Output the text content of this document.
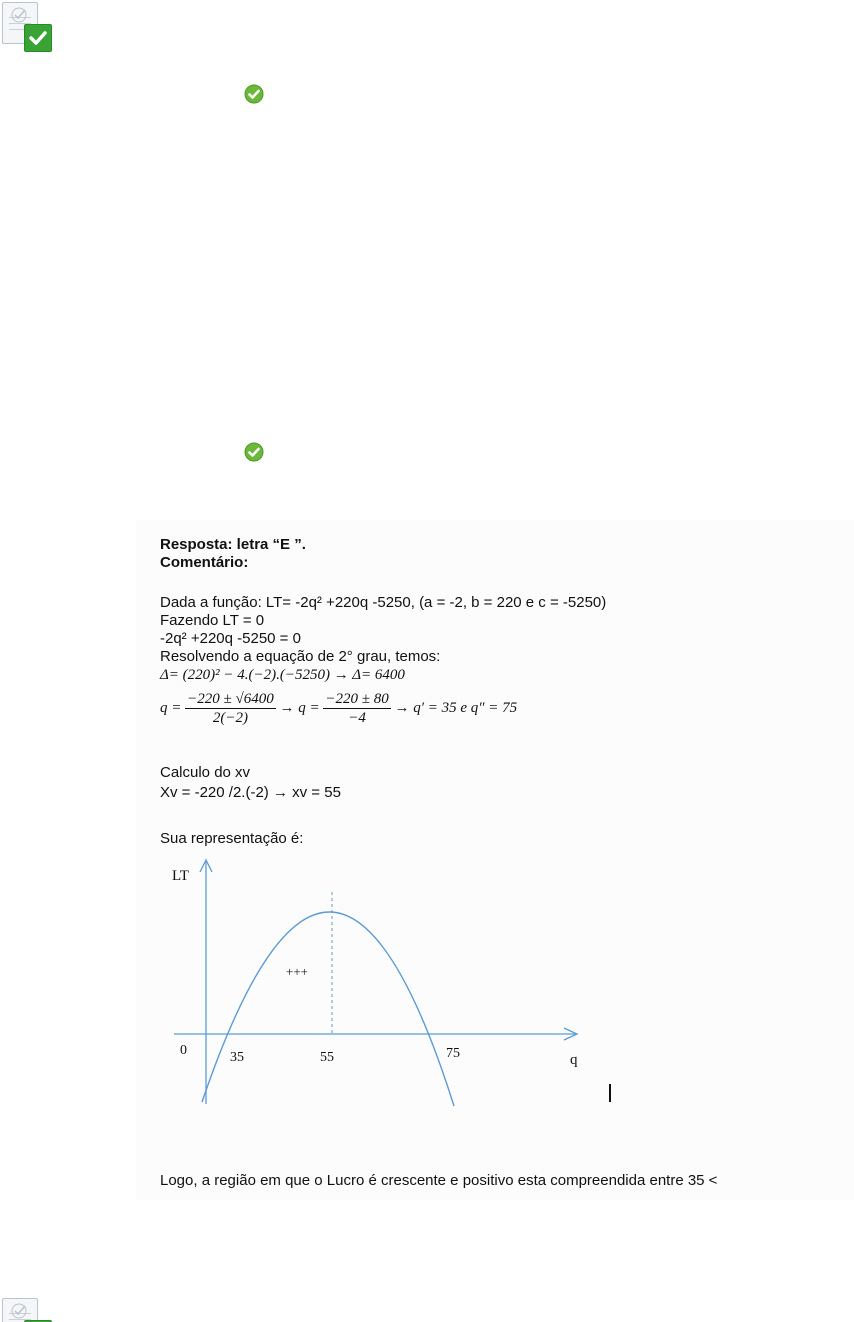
Resposta: letra “E ”.
Comentário:
Dada a função: LT= -2q² +220q -5250, (a = -2, b = 220 e c = -5250)
Fazendo LT = 0
-2q² +220q -5250 = 0
Resolvendo a equação de 2° grau, temos:
Δ= (220)² − 4.(−2).(−5250) → Δ= 6400
$q = \frac{-220 \pm √6400}{2(-2)} \to q = \frac{-220 \pm 80}{-4} \to q' = 35$ e q″ = 75
Calculo do xv
Xv = -220 /2.(-2) → xv = 55
Sua representação é:
LT
0	35	55	75	q
+++
Logo, a região em que o Lucro é crescente e positivo esta compreendida entre 35 <
